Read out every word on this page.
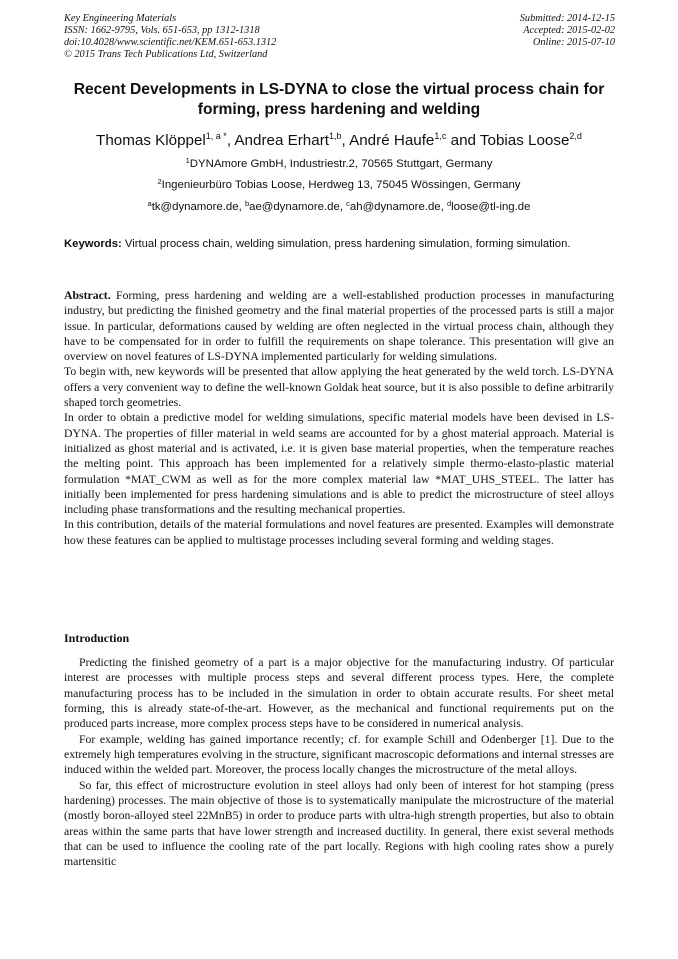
Key Engineering Materials
ISSN: 1662-9795, Vols. 651-653, pp 1312-1318
doi:10.4028/www.scientific.net/KEM.651-653.1312
© 2015 Trans Tech Publications Ltd, Switzerland
Submitted: 2014-12-15
Accepted: 2015-02-02
Online: 2015-07-10
Recent Developments in LS-DYNA to close the virtual process chain for
forming, press hardening and welding
Thomas Klöppel$^{1, a *}$, Andrea Erhart$^{1,b}$, André Haufe$^{1,c}$ and Tobias Loose$^{2,d}$
$^1$DYNAmore GmbH, Industriestr.2, 70565 Stuttgart, Germany
$^2$Ingenieurbüro Tobias Loose, Herdweg 13, 75045 Wössingen, Germany
$^a$tk@dynamore.de, $^b$ae@dynamore.de, $^c$ah@dynamore.de, $^d$loose@tl-ing.de
Keywords: Virtual process chain, welding simulation, press hardening simulation, forming simulation.

Abstract. Forming, press hardening and welding are a well-established production processes in manufacturing industry, but predicting the finished geometry and the final material properties of the processed parts is still a major issue. In particular, deformations caused by welding are often neglected in the virtual process chain, although they have to be compensated for in order to fulfill the requirements on shape tolerance. This presentation will give an overview on novel features of LS-DYNA implemented particularly for welding simulations.

To begin with, new keywords will be presented that allow applying the heat generated by the weld torch. LS-DYNA offers a very convenient way to define the well-known Goldak heat source, but it is also possible to define arbitrarily shaped torch geometries.

In order to obtain a predictive model for welding simulations, specific material models have been devised in LS-DYNA. The properties of filler material in weld seams are accounted for by a ghost material approach. Material is initialized as ghost material and is activated, i.e. it is given base material properties, when the temperature reaches the melting point. This approach has been implemented for a relatively simple thermo-elasto-plastic material formulation *MAT_CWM as well as for the more complex material law *MAT_UHS_STEEL. The latter has initially been implemented for press hardening simulations and is able to predict the microstructure of steel alloys including phase transformations and the resulting mechanical properties.

In this contribution, details of the material formulations and novel features are presented. Examples will demonstrate how these features can be applied to multistage processes including several forming and welding stages.

Introduction

Predicting the finished geometry of a part is a major objective for the manufacturing industry. Of particular interest are processes with multiple process steps and several different process types. Here, the complete manufacturing process has to be included in the simulation in order to obtain accurate results. For sheet metal forming, this is already state-of-the-art. However, as the mechanical and functional requirements put on the produced parts increase, more complex process steps have to be considered in numerical analysis.

For example, welding has gained importance recently; cf. for example Schill and Odenberger [1]. Due to the extremely high temperatures evolving in the structure, significant macroscopic deformations and internal stresses are induced within the welded part. Moreover, the process locally changes the microstructure of the metal alloys.

So far, this effect of microstructure evolution in steel alloys had only been of interest for hot stamping (press hardening) processes. The main objective of those is to systematically manipulate the microstructure of the material (mostly boron-alloyed steel 22MnB5) in order to produce parts with ultra-high strength properties, but also to obtain areas within the same parts that have lower strength and increased ductility. In general, there exist several methods that can be used to influence the cooling rate of the part locally. Regions with high cooling rates show a purely martensitic
